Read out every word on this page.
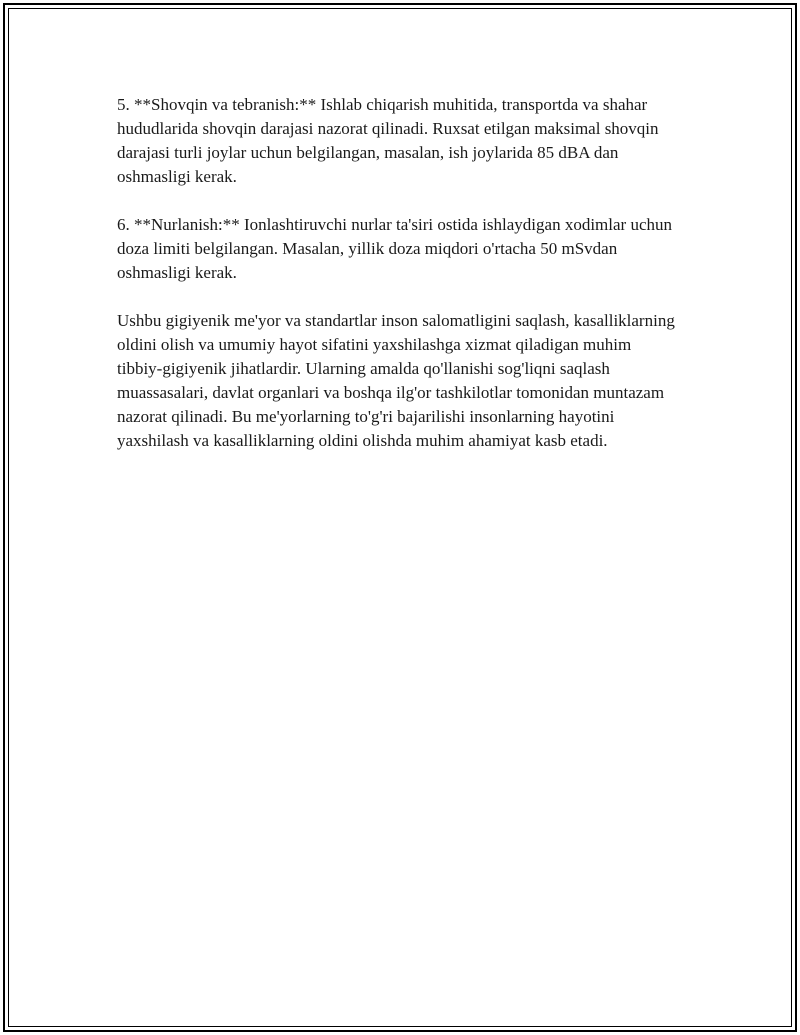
5. **Shovqin va tebranish:** Ishlab chiqarish muhitida, transportda va shahar hududlarida shovqin darajasi nazorat qilinadi. Ruxsat etilgan maksimal shovqin darajasi turli joylar uchun belgilangan, masalan, ish joylarida 85 dBA dan oshmasligi kerak.

6. **Nurlanish:** Ionlashtiruvchi nurlar ta'siri ostida ishlaydigan xodimlar uchun doza limiti belgilangan. Masalan, yillik doza miqdori o'rtacha 50 mSvdan oshmasligi kerak.

Ushbu gigiyenik me'yor va standartlar inson salomatligini saqlash, kasalliklarning oldini olish va umumiy hayot sifatini yaxshilashga xizmat qiladigan muhim tibbiy-gigiyenik jihatlardir. Ularning amalda qo'llanishi sog'liqni saqlash muassasalari, davlat organlari va boshqa ilg'or tashkilotlar tomonidan muntazam nazorat qilinadi. Bu me'yorlarning to'g'ri bajarilishi insonlarning hayotini yaxshilash va kasalliklarning oldini olishda muhim ahamiyat kasb etadi.
